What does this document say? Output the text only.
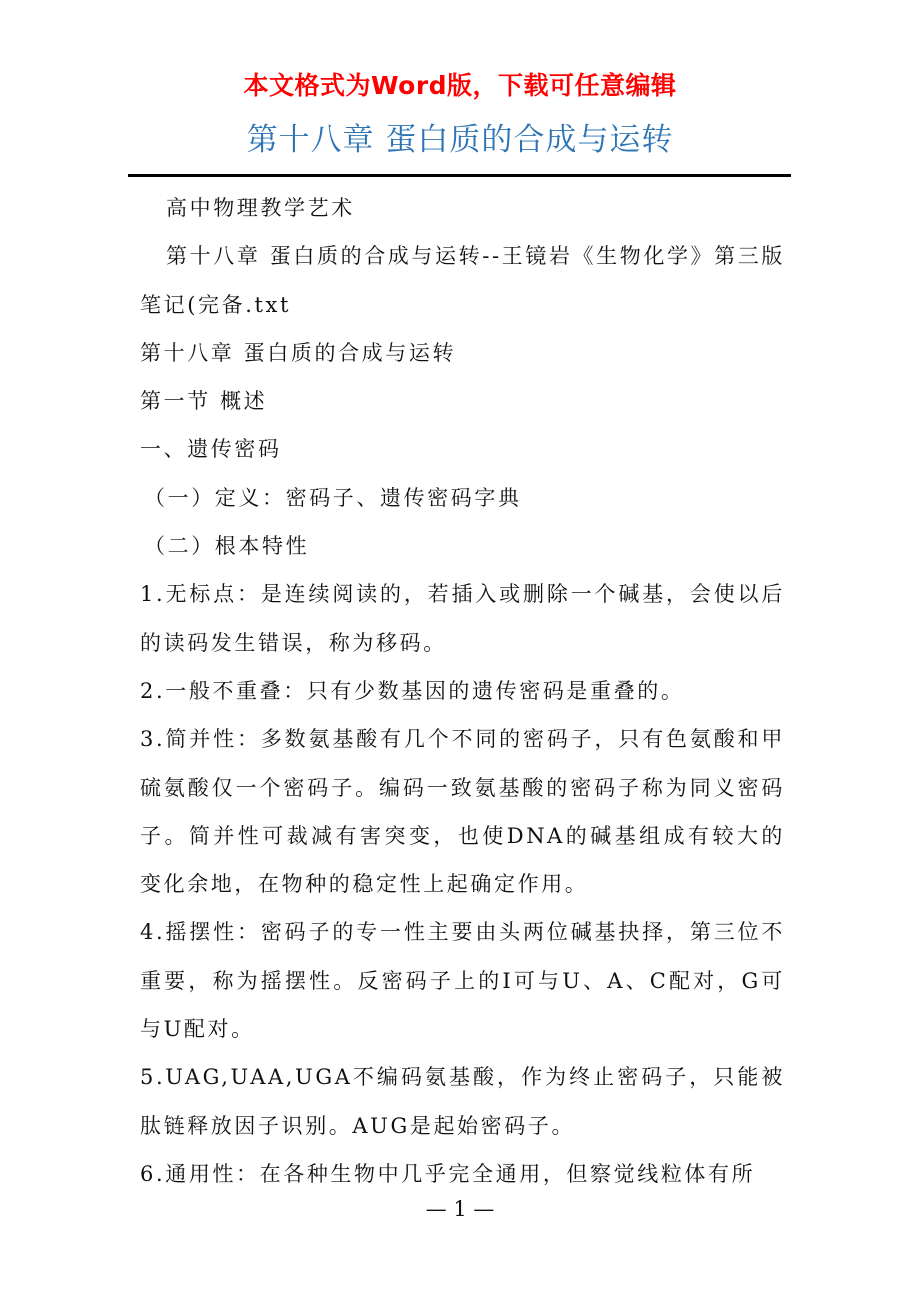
本文格式为Word版，下载可任意编辑
第十八章 蛋白质的合成与运转

高中物理教学艺术

第十八章 蛋白质的合成与运转--王镜岩《生物化学》第三版笔记(完备.txt

第十八章 蛋白质的合成与运转

第一节 概述

一、遗传密码

（一）定义：密码子、遗传密码字典

（二）根本特性

1.无标点：是连续阅读的，若插入或删除一个碱基，会使以后的读码发生错误，称为移码。

2.一般不重叠：只有少数基因的遗传密码是重叠的。

3.简并性：多数氨基酸有几个不同的密码子，只有色氨酸和甲硫氨酸仅一个密码子。编码一致氨基酸的密码子称为同义密码子。简并性可裁减有害突变，也使DNA的碱基组成有较大的变化余地，在物种的稳定性上起确定作用。

4.摇摆性：密码子的专一性主要由头两位碱基抉择，第三位不重要，称为摇摆性。反密码子上的I可与U、A、C配对，G可与U配对。

5.UAG,UAA,UGA不编码氨基酸，作为终止密码子，只能被肽链释放因子识别。AUG是起始密码子。

6.通用性：在各种生物中几乎完全通用，但察觉线粒体有所

— 1 —
